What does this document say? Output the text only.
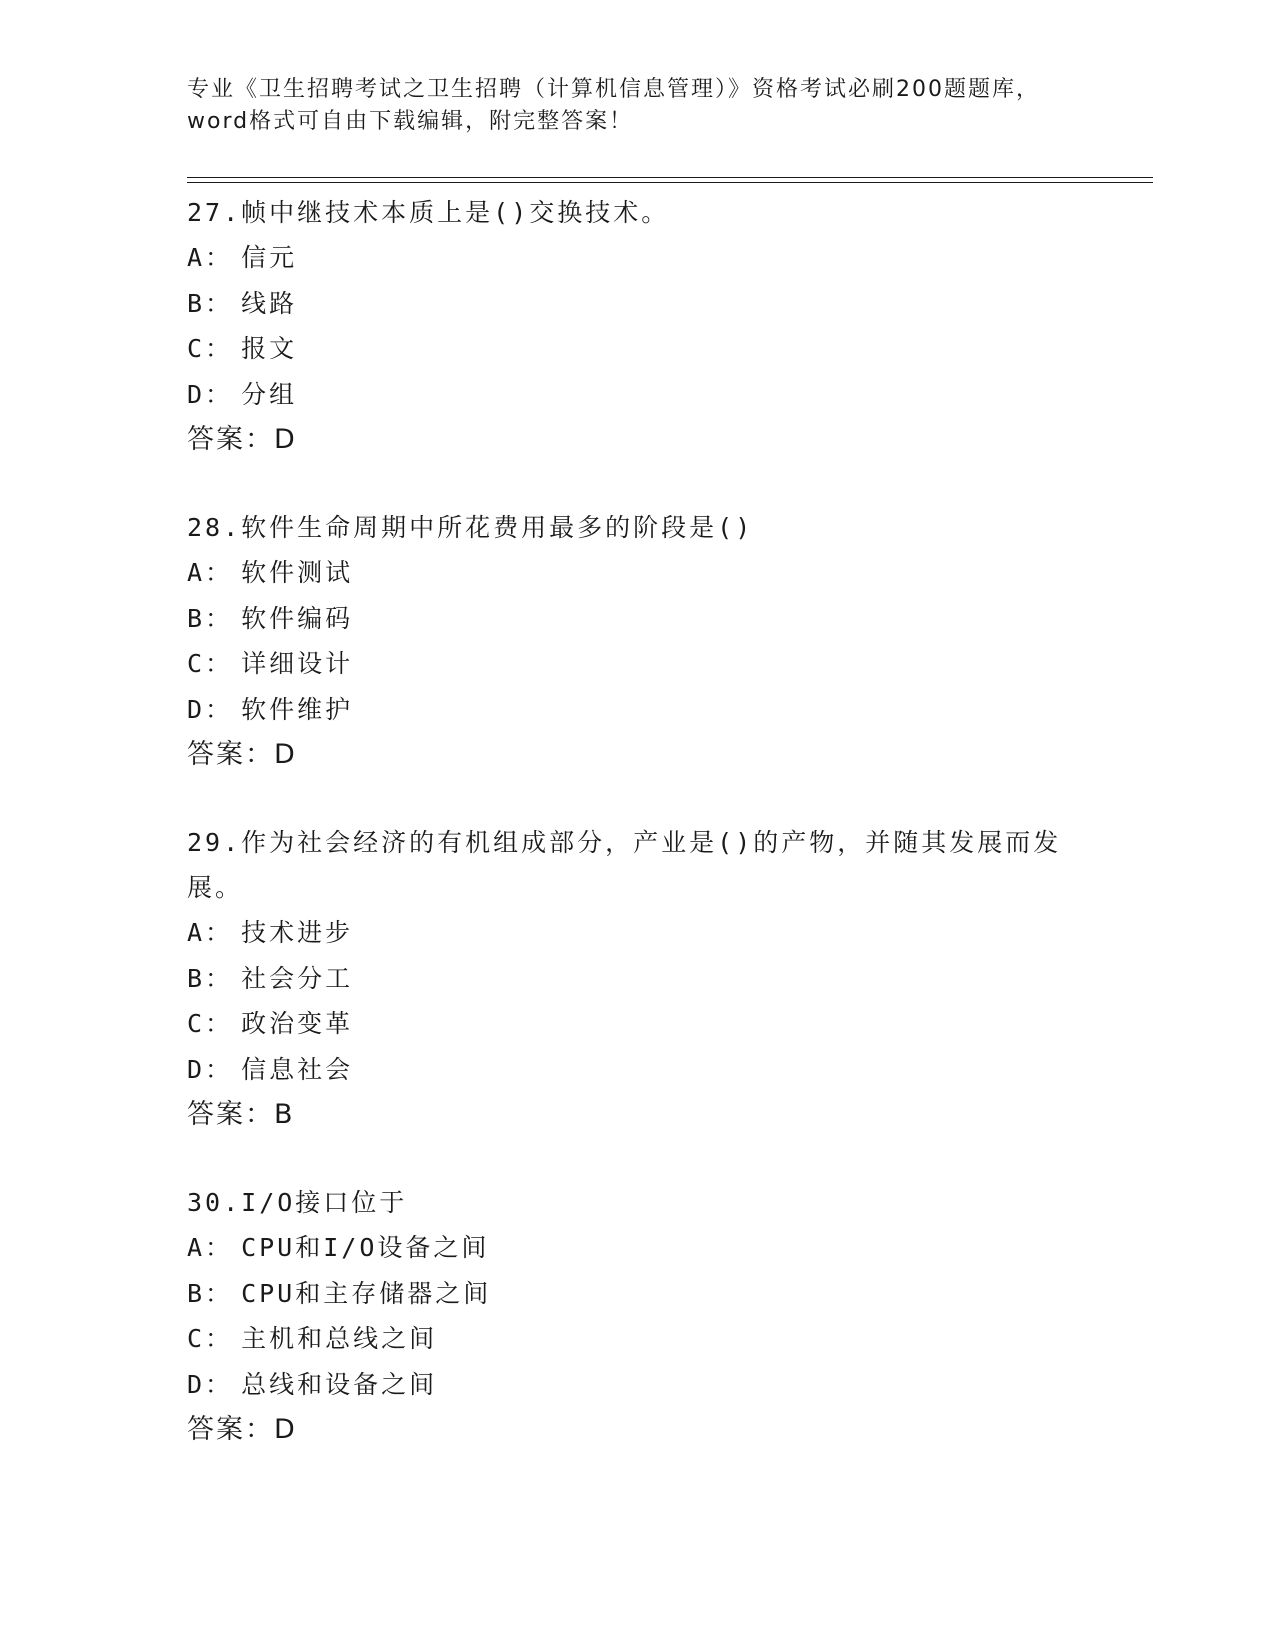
专业《卫生招聘考试之卫生招聘（计算机信息管理）》资格考试必刷200题题库，
word格式可自由下载编辑，附完整答案！
27.帧中继技术本质上是()交换技术。
A： 信元
B： 线路
C： 报文
D： 分组
答案：D
28.软件生命周期中所花费用最多的阶段是()
A： 软件测试
B： 软件编码
C： 详细设计
D： 软件维护
答案：D
29.作为社会经济的有机组成部分，产业是()的产物，并随其发展而发展。
A： 技术进步
B： 社会分工
C： 政治变革
D： 信息社会
答案：B
30.I/O接口位于
A： CPU和I/O设备之间
B： CPU和主存储器之间
C： 主机和总线之间
D： 总线和设备之间
答案：D
